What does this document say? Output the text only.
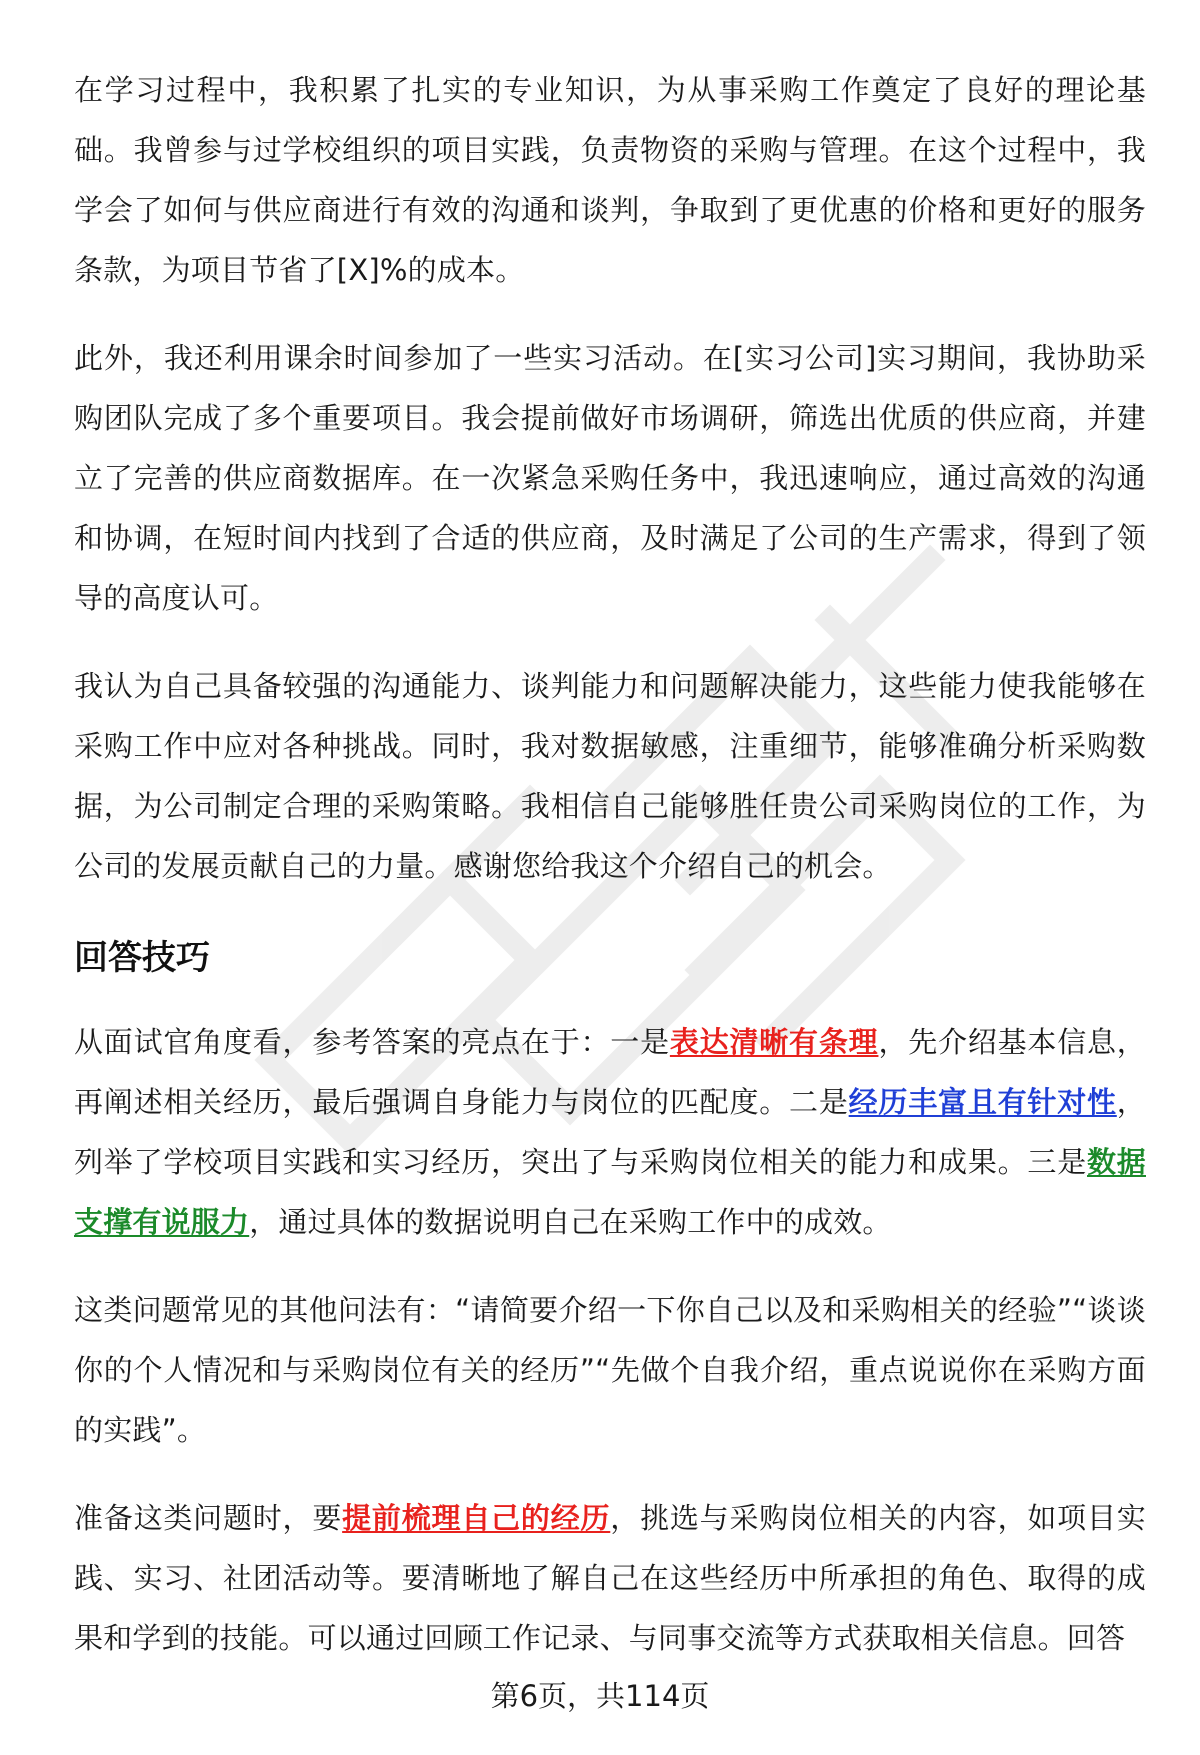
在学习过程中，我积累了扎实的专业知识，为从事采购工作奠定了良好的理论基础。我曾参与过学校组织的项目实践，负责物资的采购与管理。在这个过程中，我学会了如何与供应商进行有效的沟通和谈判，争取到了更优惠的价格和更好的服务条款，为项目节省了[X]%的成本。

此外，我还利用课余时间参加了一些实习活动。在[实习公司]实习期间，我协助采购团队完成了多个重要项目。我会提前做好市场调研，筛选出优质的供应商，并建立了完善的供应商数据库。在一次紧急采购任务中，我迅速响应，通过高效的沟通和协调，在短时间内找到了合适的供应商，及时满足了公司的生产需求，得到了领导的高度认可。

我认为自己具备较强的沟通能力、谈判能力和问题解决能力，这些能力使我能够在采购工作中应对各种挑战。同时，我对数据敏感，注重细节，能够准确分析采购数据，为公司制定合理的采购策略。我相信自己能够胜任贵公司采购岗位的工作，为公司的发展贡献自己的力量。感谢您给我这个介绍自己的机会。

回答技巧

从面试官角度看，参考答案的亮点在于：一是表达清晰有条理，先介绍基本信息，再阐述相关经历，最后强调自身能力与岗位的匹配度。二是经历丰富且有针对性，列举了学校项目实践和实习经历，突出了与采购岗位相关的能力和成果。三是数据支撑有说服力，通过具体的数据说明自己在采购工作中的成效。

这类问题常见的其他问法有：“请简要介绍一下你自己以及和采购相关的经验”“谈谈你的个人情况和与采购岗位有关的经历”“先做个自我介绍，重点说说你在采购方面的实践”。

准备这类问题时，要提前梳理自己的经历，挑选与采购岗位相关的内容，如项目实践、实习、社团活动等。要清晰地了解自己在这些经历中所承担的角色、取得的成果和学到的技能。可以通过回顾工作记录、与同事交流等方式获取相关信息。回答

第6页，共114页
